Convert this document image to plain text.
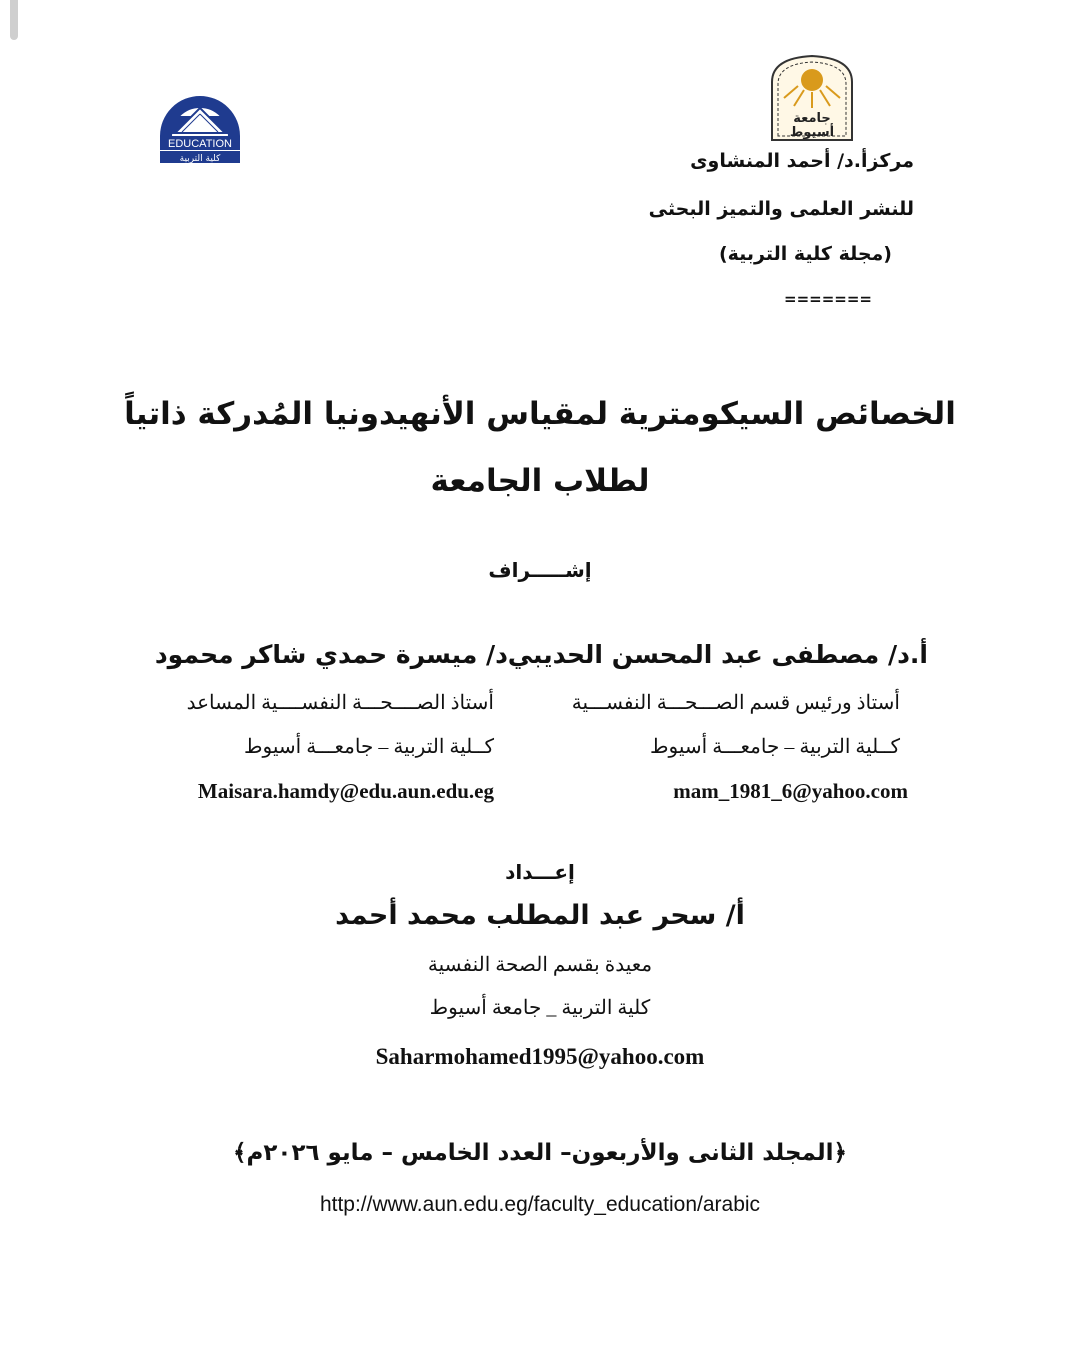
EDUCATION
كلية التربية
جامعة
أسيوط
مركزأ.د/ أحمد المنشاوى
للنشر العلمى والتميز البحثى
(مجلة كلية التربية)
=======
الخصائص السيكومترية لمقياس الأنهيدونيا المُدركة ذاتياً
لطلاب الجامعة
إشـــــراف
أ.د/ مصطفى عبد المحسن الحديبي
د/ ميسرة حمدي شاكر محمود
أستاذ ورئيس قسم الصـــحـــة النفســـية
أستاذ الصــــحـــة النفســــية المساعد
كــلية التربية – جامعـــة أسيوط
كــلية التربية – جامعـــة أسيوط
mam_1981_6@yahoo.com
Maisara.hamdy@edu.aun.edu.eg
إعـــداد
أ/ سحر عبد المطلب محمد أحمد
معيدة بقسم الصحة النفسية
كلية التربية _ جامعة أسيوط
Saharmohamed1995@yahoo.com
﴿المجلد الثانى والأربعون– العدد الخامس – مايو ٢٠٢٦م﴾
http://www.aun.edu.eg/faculty_education/arabic
